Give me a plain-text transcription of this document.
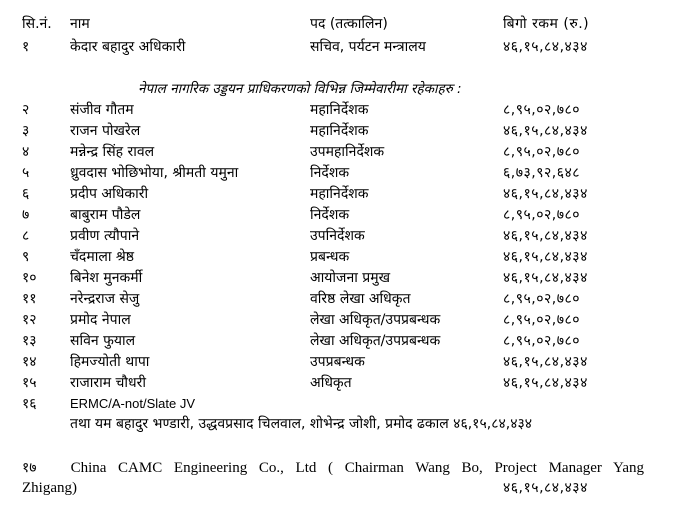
सि.नं. नाम	पद (तत्कालिन)	बिगो रकम (रु.)
१	केदार बहादुर अधिकारी	सचिव, पर्यटन मन्त्रालय	४६,१५,८४,४३४
नेपाल नागरिक उड्डयन प्राधिकरणको विभिन्न जिम्मेवारीमा रहेकाहरु :
२	संजीव गौतम	महानिर्देशक	८,९५,०२,७८०
३	राजन पोखरेल	महानिर्देशक	४६,१५,८४,४३४
४	मन्नेन्द्र सिंह रावल	उपमहानिर्देशक	८,९५,०२,७८०
५	ध्रुवदास भोछिभोया, श्रीमती यमुना	निर्देशक	६,७३,९२,६४८
६	प्रदीप अधिकारी	महानिर्देशक	४६,१५,८४,४३४
७	बाबुराम पौडेल	निर्देशक	८,९५,०२,७८०
८	प्रवीण त्यौपाने	उपनिर्देशक	४६,१५,८४,४३४
९	चँदमाला श्रेष्ठ	प्रबन्धक	४६,१५,८४,४३४
१० बिनेश मुनकर्मी	आयोजना प्रमुख	४६,१५,८४,४३४
११ नरेन्द्रराज सेजु	वरिष्ठ लेखा अधिकृत	८,९५,०२,७८०
१२ प्रमोद नेपाल	लेखा अधिकृत/उपप्रबन्धक	८,९५,०२,७८०
१३ सविन फुयाल	लेखा अधिकृत/उपप्रबन्धक	८,९५,०२,७८०
१४ हिमज्योती थापा	उपप्रबन्धक	४६,१५,८४,४३४
१५ राजाराम चौधरी	अधिकृत	४६,१५,८४,४३४
१६	ERMC/A-not/Slate JV
तथा यम बहादुर भण्डारी, उद्धवप्रसाद चिलवाल, शोभेन्द्र जोशी, प्रमोद ढकाल ४६,१५,८४,४३४
१७ China CAMC Engineering Co., Ltd ( Chairman Wang Bo, Project Manager Yang
Zhigang)	४६,१५,८४,४३४
